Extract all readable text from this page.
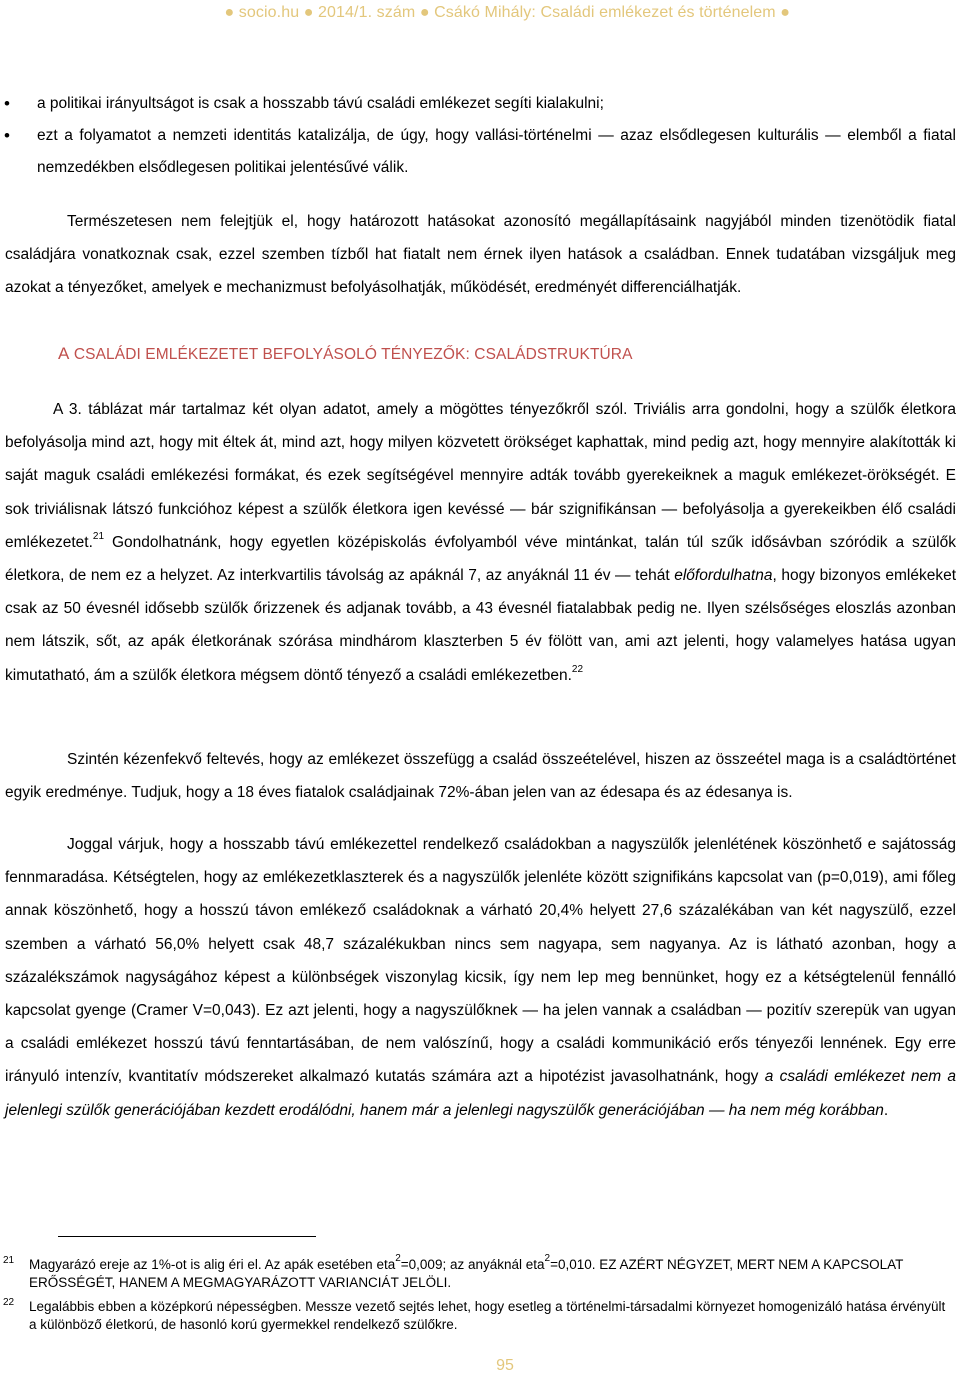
● socio.hu ● 2014/1. szám ● Csákó Mihály: Családi emlékezet és történelem ●
• a politikai irányultságot is csak a hosszabb távú családi emlékezet segíti kialakulni;
• ezt a folyamatot a nemzeti identitás katalizálja, de úgy, hogy vallási-történelmi — azaz elsődlegesen kulturális — elemből a fiatal nemzedékben elsődlegesen politikai jelentésűvé válik.
Természetesen nem felejtjük el, hogy határozott hatásokat azonosító megállapításaink nagyjából minden tizenötödik fiatal családjára vonatkoznak csak, ezzel szemben tízből hat fiatalt nem érnek ilyen hatások a családban. Ennek tudatában vizsgáljuk meg azokat a tényezőket, amelyek e mechanizmust befolyásolhatják, működését, eredményét differenciálhatják.
A CSALÁDI EMLÉKEZETET BEFOLYÁSOLÓ TÉNYEZŐK: CSALÁDSTRUKTÚRA
A 3. táblázat már tartalmaz két olyan adatot, amely a mögöttes tényezőkről szól. Triviális arra gondolni, hogy a szülők életkora befolyásolja mind azt, hogy mit éltek át, mind azt, hogy milyen közvetett örökséget kaphattak, mind pedig azt, hogy mennyire alakították ki saját maguk családi emlékezési formákat, és ezek segítségével mennyire adták tovább gyerekeiknek a maguk emlékezet-örökségét. E sok triviálisnak látszó funkcióhoz képest a szülők életkora igen kevéssé — bár szignifikánsan — befolyásolja a gyerekeikben élő családi emlékezetet.$^{21}$ Gondolhatnánk, hogy egyetlen középiskolás évfolyamból véve mintánkat, talán túl szűk idősávban szóródik a szülők életkora, de nem ez a helyzet. Az interkvartilis távolság az apáknál 7, az anyáknál 11 év — tehát előfordulhatna, hogy bizonyos emlékeket csak az 50 évesnél idősebb szülők őrizzenek és adjanak tovább, a 43 évesnél fiatalabbak pedig ne. Ilyen szélsőséges eloszlás azonban nem látszik, sőt, az apák életkorának szórása mindhárom klaszterben 5 év fölött van, ami azt jelenti, hogy valamelyes hatása ugyan kimutatható, ám a szülők életkora mégsem döntő tényező a családi emlékezetben.$^{22}$
Szintén kézenfekvő feltevés, hogy az emlékezet összefügg a család összeételével, hiszen az összeétel maga is a családtörténet egyik eredménye. Tudjuk, hogy a 18 éves fiatalok családjainak 72%-ában jelen van az édesapa és az édesanya is.
Joggal várjuk, hogy a hosszabb távú emlékezettel rendelkező családokban a nagyszülők jelenlétének köszönhető e sajátosság fennmaradása. Kétségtelen, hogy az emlékezetklaszterek és a nagyszülők jelenléte között szignifikáns kapcsolat van (p=0,019), ami főleg annak köszönhető, hogy a hosszú távon emlékező családoknak a várható 20,4% helyett 27,6 százalékában van két nagyszülő, ezzel szemben a várható 56,0% helyett csak 48,7 százalékukban nincs sem nagyapa, sem nagyanya. Az is látható azonban, hogy a százalékszámok nagyságához képest a különbségek viszonylag kicsik, így nem lep meg bennünket, hogy ez a kétségtelenül fennálló kapcsolat gyenge (Cramer V=0,043). Ez azt jelenti, hogy a nagyszülőknek — ha jelen vannak a családban — pozitív szerepük van ugyan a családi emlékezet hosszú távú fenntartásában, de nem valószínű, hogy a családi kommunikáció erős tényezői lennének. Egy erre irányuló intenzív, kvantitatív módszereket alkalmazó kutatás számára azt a hipotézist javasolhatnánk, hogy a családi emlékezet nem a jelenlegi szülők generációjában kezdett erodálódni, hanem már a jelenlegi nagyszülők generációjában — ha nem még korábban.
21	Magyarázó ereje az 1%-ot is alig éri el. Az apák esetében eta$^2$=0,009; az anyáknál eta$^2$=0,010. EZ AZÉRT NÉGYZET, MERT NEM A KAPCSOLAT ERŐSSÉGÉT, HANEM A MEGMAGYARÁZOTT VARIANCIÁT JELÖLI.
22	Legalábbis ebben a középkorú népességben. Messze vezető sejtés lehet, hogy esetleg a történelmi-társadalmi környezet homogenizáló hatása érvényült a különböző életkorú, de hasonló korú gyermekkel rendelkező szülőkre.
95
